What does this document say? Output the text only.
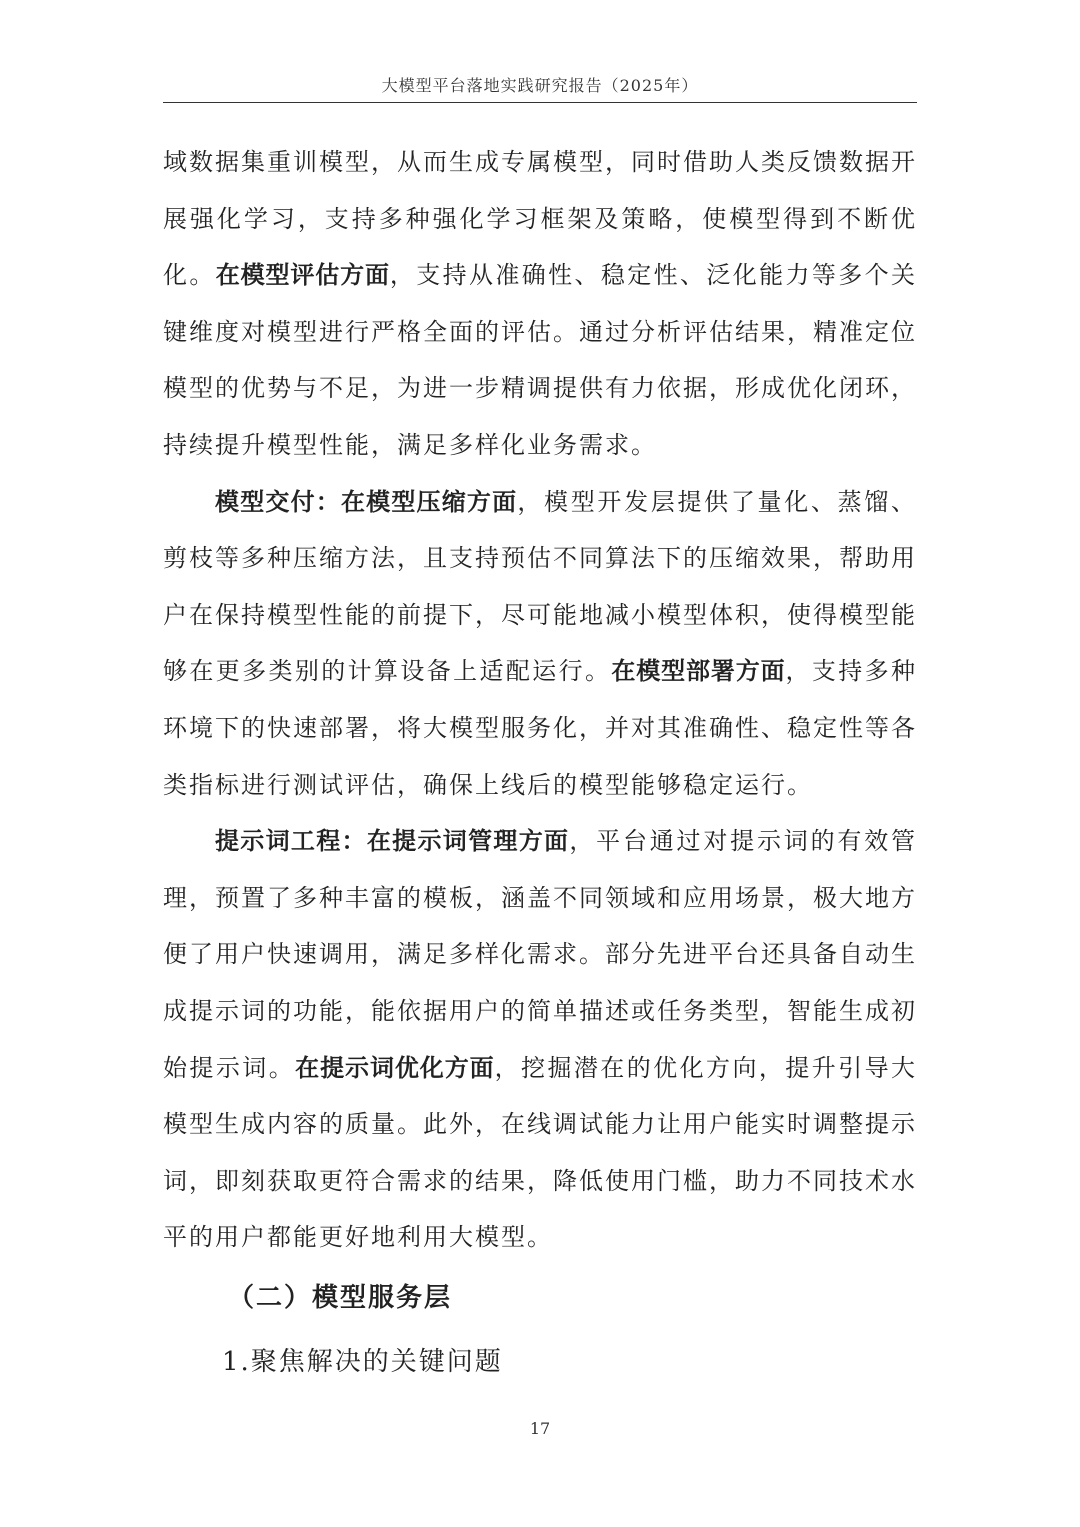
大模型平台落地实践研究报告（2025年）

域数据集重训模型，从而生成专属模型，同时借助人类反馈数据开展强化学习，支持多种强化学习框架及策略，使模型得到不断优化。在模型评估方面，支持从准确性、稳定性、泛化能力等多个关键维度对模型进行严格全面的评估。通过分析评估结果，精准定位模型的优势与不足，为进一步精调提供有力依据，形成优化闭环，持续提升模型性能，满足多样化业务需求。

模型交付：在模型压缩方面，模型开发层提供了量化、蒸馏、剪枝等多种压缩方法，且支持预估不同算法下的压缩效果，帮助用户在保持模型性能的前提下，尽可能地减小模型体积，使得模型能够在更多类别的计算设备上适配运行。在模型部署方面，支持多种环境下的快速部署，将大模型服务化，并对其准确性、稳定性等各类指标进行测试评估，确保上线后的模型能够稳定运行。

提示词工程：在提示词管理方面，平台通过对提示词的有效管理，预置了多种丰富的模板，涵盖不同领域和应用场景，极大地方便了用户快速调用，满足多样化需求。部分先进平台还具备自动生成提示词的功能，能依据用户的简单描述或任务类型，智能生成初始提示词。在提示词优化方面，挖掘潜在的优化方向，提升引导大模型生成内容的质量。此外，在线调试能力让用户能实时调整提示词，即刻获取更符合需求的结果，降低使用门槛，助力不同技术水平的用户都能更好地利用大模型。

（二）模型服务层
1.聚焦解决的关键问题
17
